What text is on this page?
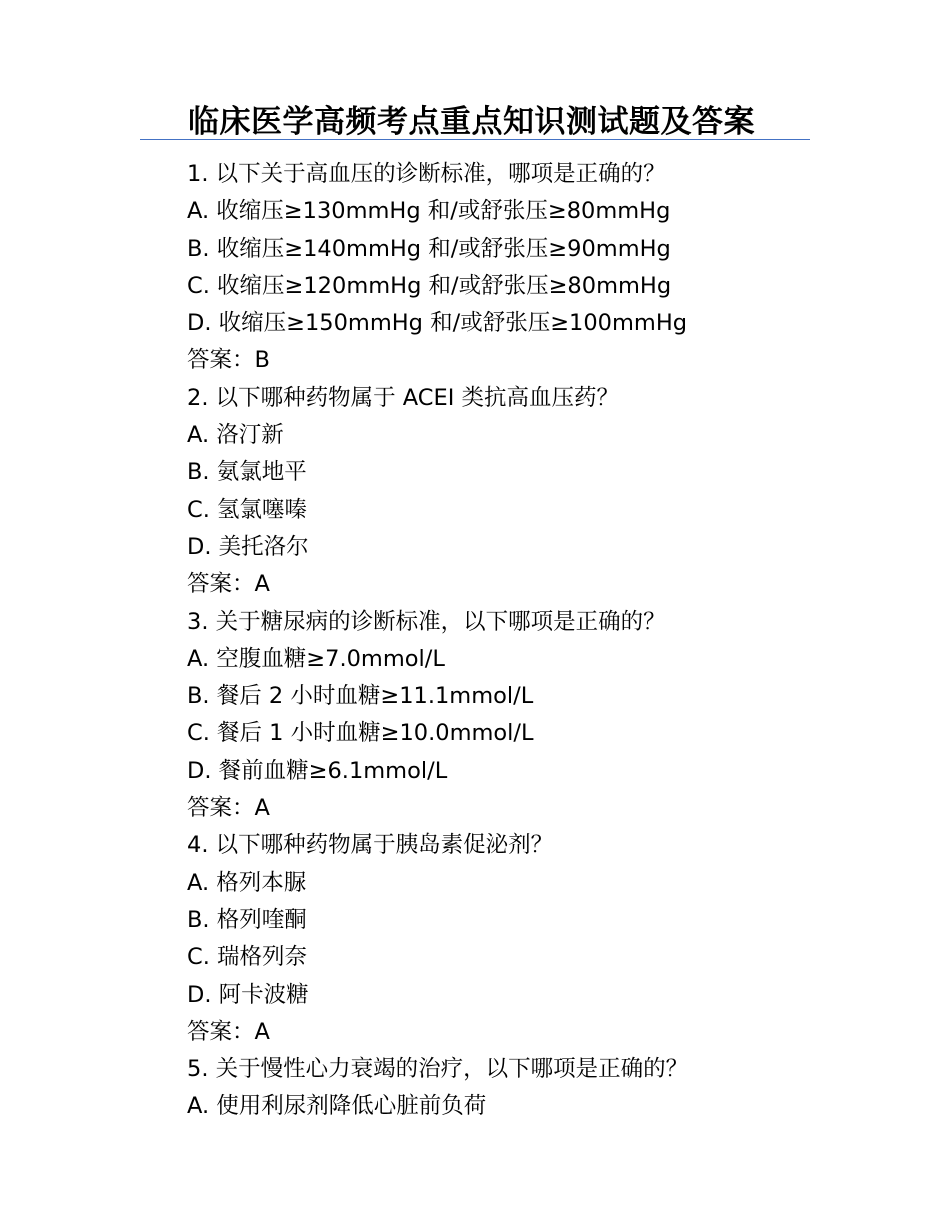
临床医学高频考点重点知识测试题及答案
1. 以下关于高血压的诊断标准，哪项是正确的？
A. 收缩压≥130mmHg 和/或舒张压≥80mmHg
B. 收缩压≥140mmHg 和/或舒张压≥90mmHg
C. 收缩压≥120mmHg 和/或舒张压≥80mmHg
D. 收缩压≥150mmHg 和/或舒张压≥100mmHg
答案：B
2. 以下哪种药物属于 ACEI 类抗高血压药？
A. 洛汀新
B. 氨氯地平
C. 氢氯噻嗪
D. 美托洛尔
答案：A
3. 关于糖尿病的诊断标准，以下哪项是正确的？
A. 空腹血糖≥7.0mmol/L
B. 餐后 2 小时血糖≥11.1mmol/L
C. 餐后 1 小时血糖≥10.0mmol/L
D. 餐前血糖≥6.1mmol/L
答案：A
4. 以下哪种药物属于胰岛素促泌剂？
A. 格列本脲
B. 格列喹酮
C. 瑞格列奈
D. 阿卡波糖
答案：A
5. 关于慢性心力衰竭的治疗，以下哪项是正确的？
A. 使用利尿剂降低心脏前负荷
